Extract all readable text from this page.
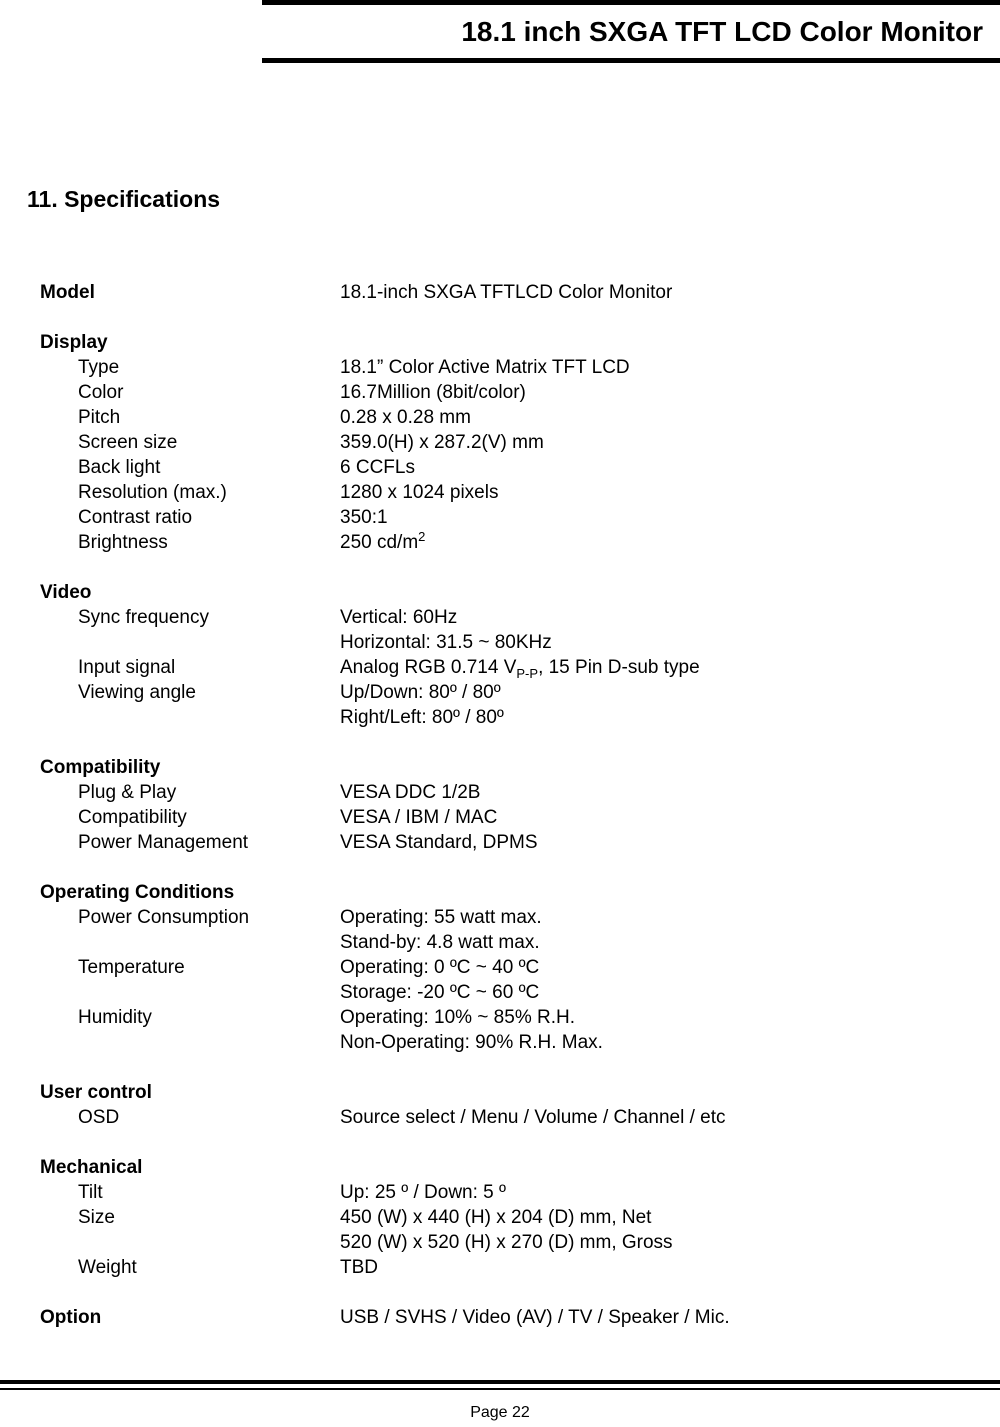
18.1 inch SXGA TFT LCD Color Monitor
11. Specifications
Model	18.1-inch SXGA TFTLCD Color Monitor
Display
Type	18.1” Color Active Matrix TFT LCD
Color	16.7Million (8bit/color)
Pitch	0.28 x 0.28 mm
Screen size	359.0(H) x 287.2(V) mm
Back light	6 CCFLs
Resolution (max.)	1280 x 1024 pixels
Contrast ratio	350:1
Brightness	250 $cd/m^2$
Video
Sync frequency	Vertical: 60Hz
Horizontal: 31.5 ~ 80KHz
Input signal	Analog RGB 0.714 $V_{P-P}$, 15 Pin D-sub type
Viewing angle	Up/Down: 80º / 80º
Right/Left: 80º / 80º
Compatibility
Plug & Play	VESA DDC 1/2B
Compatibility	VESA / IBM / MAC
Power Management	VESA Standard, DPMS
Operating Conditions
Power Consumption	Operating: 55 watt max.
Stand-by: 4.8 watt max.
Temperature	Operating: 0 ºC ~ 40 ºC
Storage: -20 ºC ~ 60 ºC
Humidity	Operating: 10% ~ 85% R.H.
Non-Operating: 90% R.H. Max.
User control
OSD	Source select / Menu / Volume / Channel / etc
Mechanical
Tilt	Up: 25 º / Down: 5 º
Size	450 (W) x 440 (H) x 204 (D) mm, Net
520 (W) x 520 (H) x 270 (D) mm, Gross
Weight	TBD
Option	USB / SVHS / Video (AV) / TV / Speaker / Mic.
Page 22
